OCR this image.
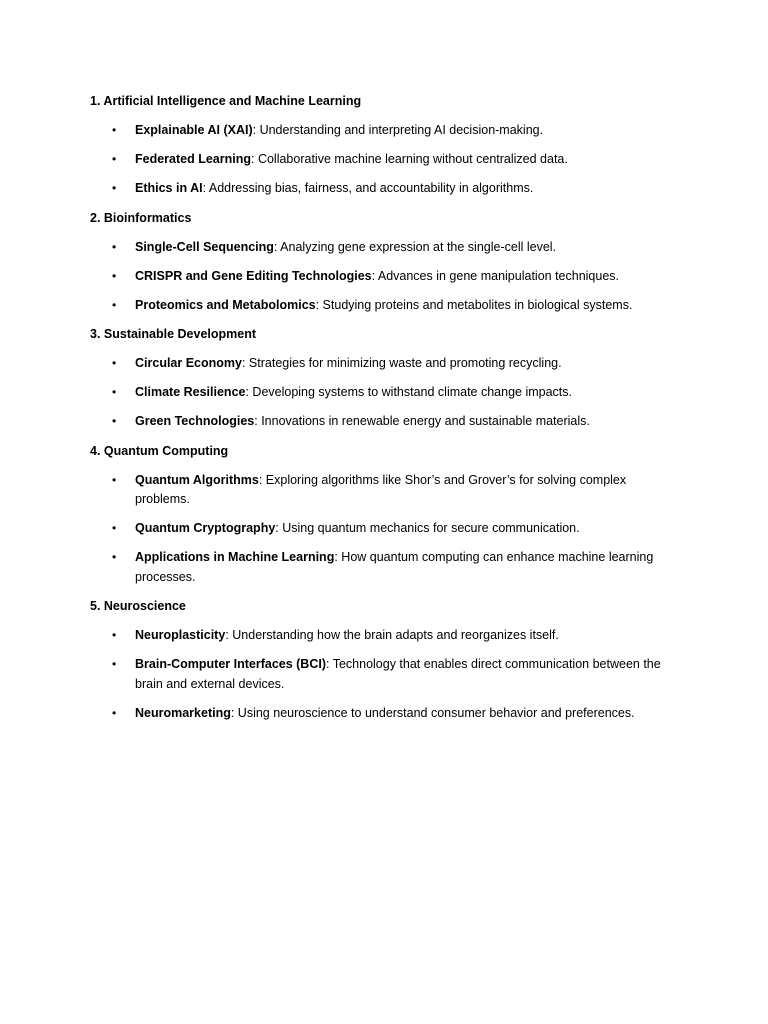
1. Artificial Intelligence and Machine Learning
• Explainable AI (XAI): Understanding and interpreting AI decision-making.
• Federated Learning: Collaborative machine learning without centralized data.
• Ethics in AI: Addressing bias, fairness, and accountability in algorithms.
2. Bioinformatics
• Single-Cell Sequencing: Analyzing gene expression at the single-cell level.
• CRISPR and Gene Editing Technologies: Advances in gene manipulation techniques.
• Proteomics and Metabolomics: Studying proteins and metabolites in biological systems.
3. Sustainable Development
• Circular Economy: Strategies for minimizing waste and promoting recycling.
• Climate Resilience: Developing systems to withstand climate change impacts.
• Green Technologies: Innovations in renewable energy and sustainable materials.
4. Quantum Computing
• Quantum Algorithms: Exploring algorithms like Shor’s and Grover’s for solving complex problems.
• Quantum Cryptography: Using quantum mechanics for secure communication.
• Applications in Machine Learning: How quantum computing can enhance machine learning processes.
5. Neuroscience
• Neuroplasticity: Understanding how the brain adapts and reorganizes itself.
• Brain-Computer Interfaces (BCI): Technology that enables direct communication between the brain and external devices.
• Neuromarketing: Using neuroscience to understand consumer behavior and preferences.
